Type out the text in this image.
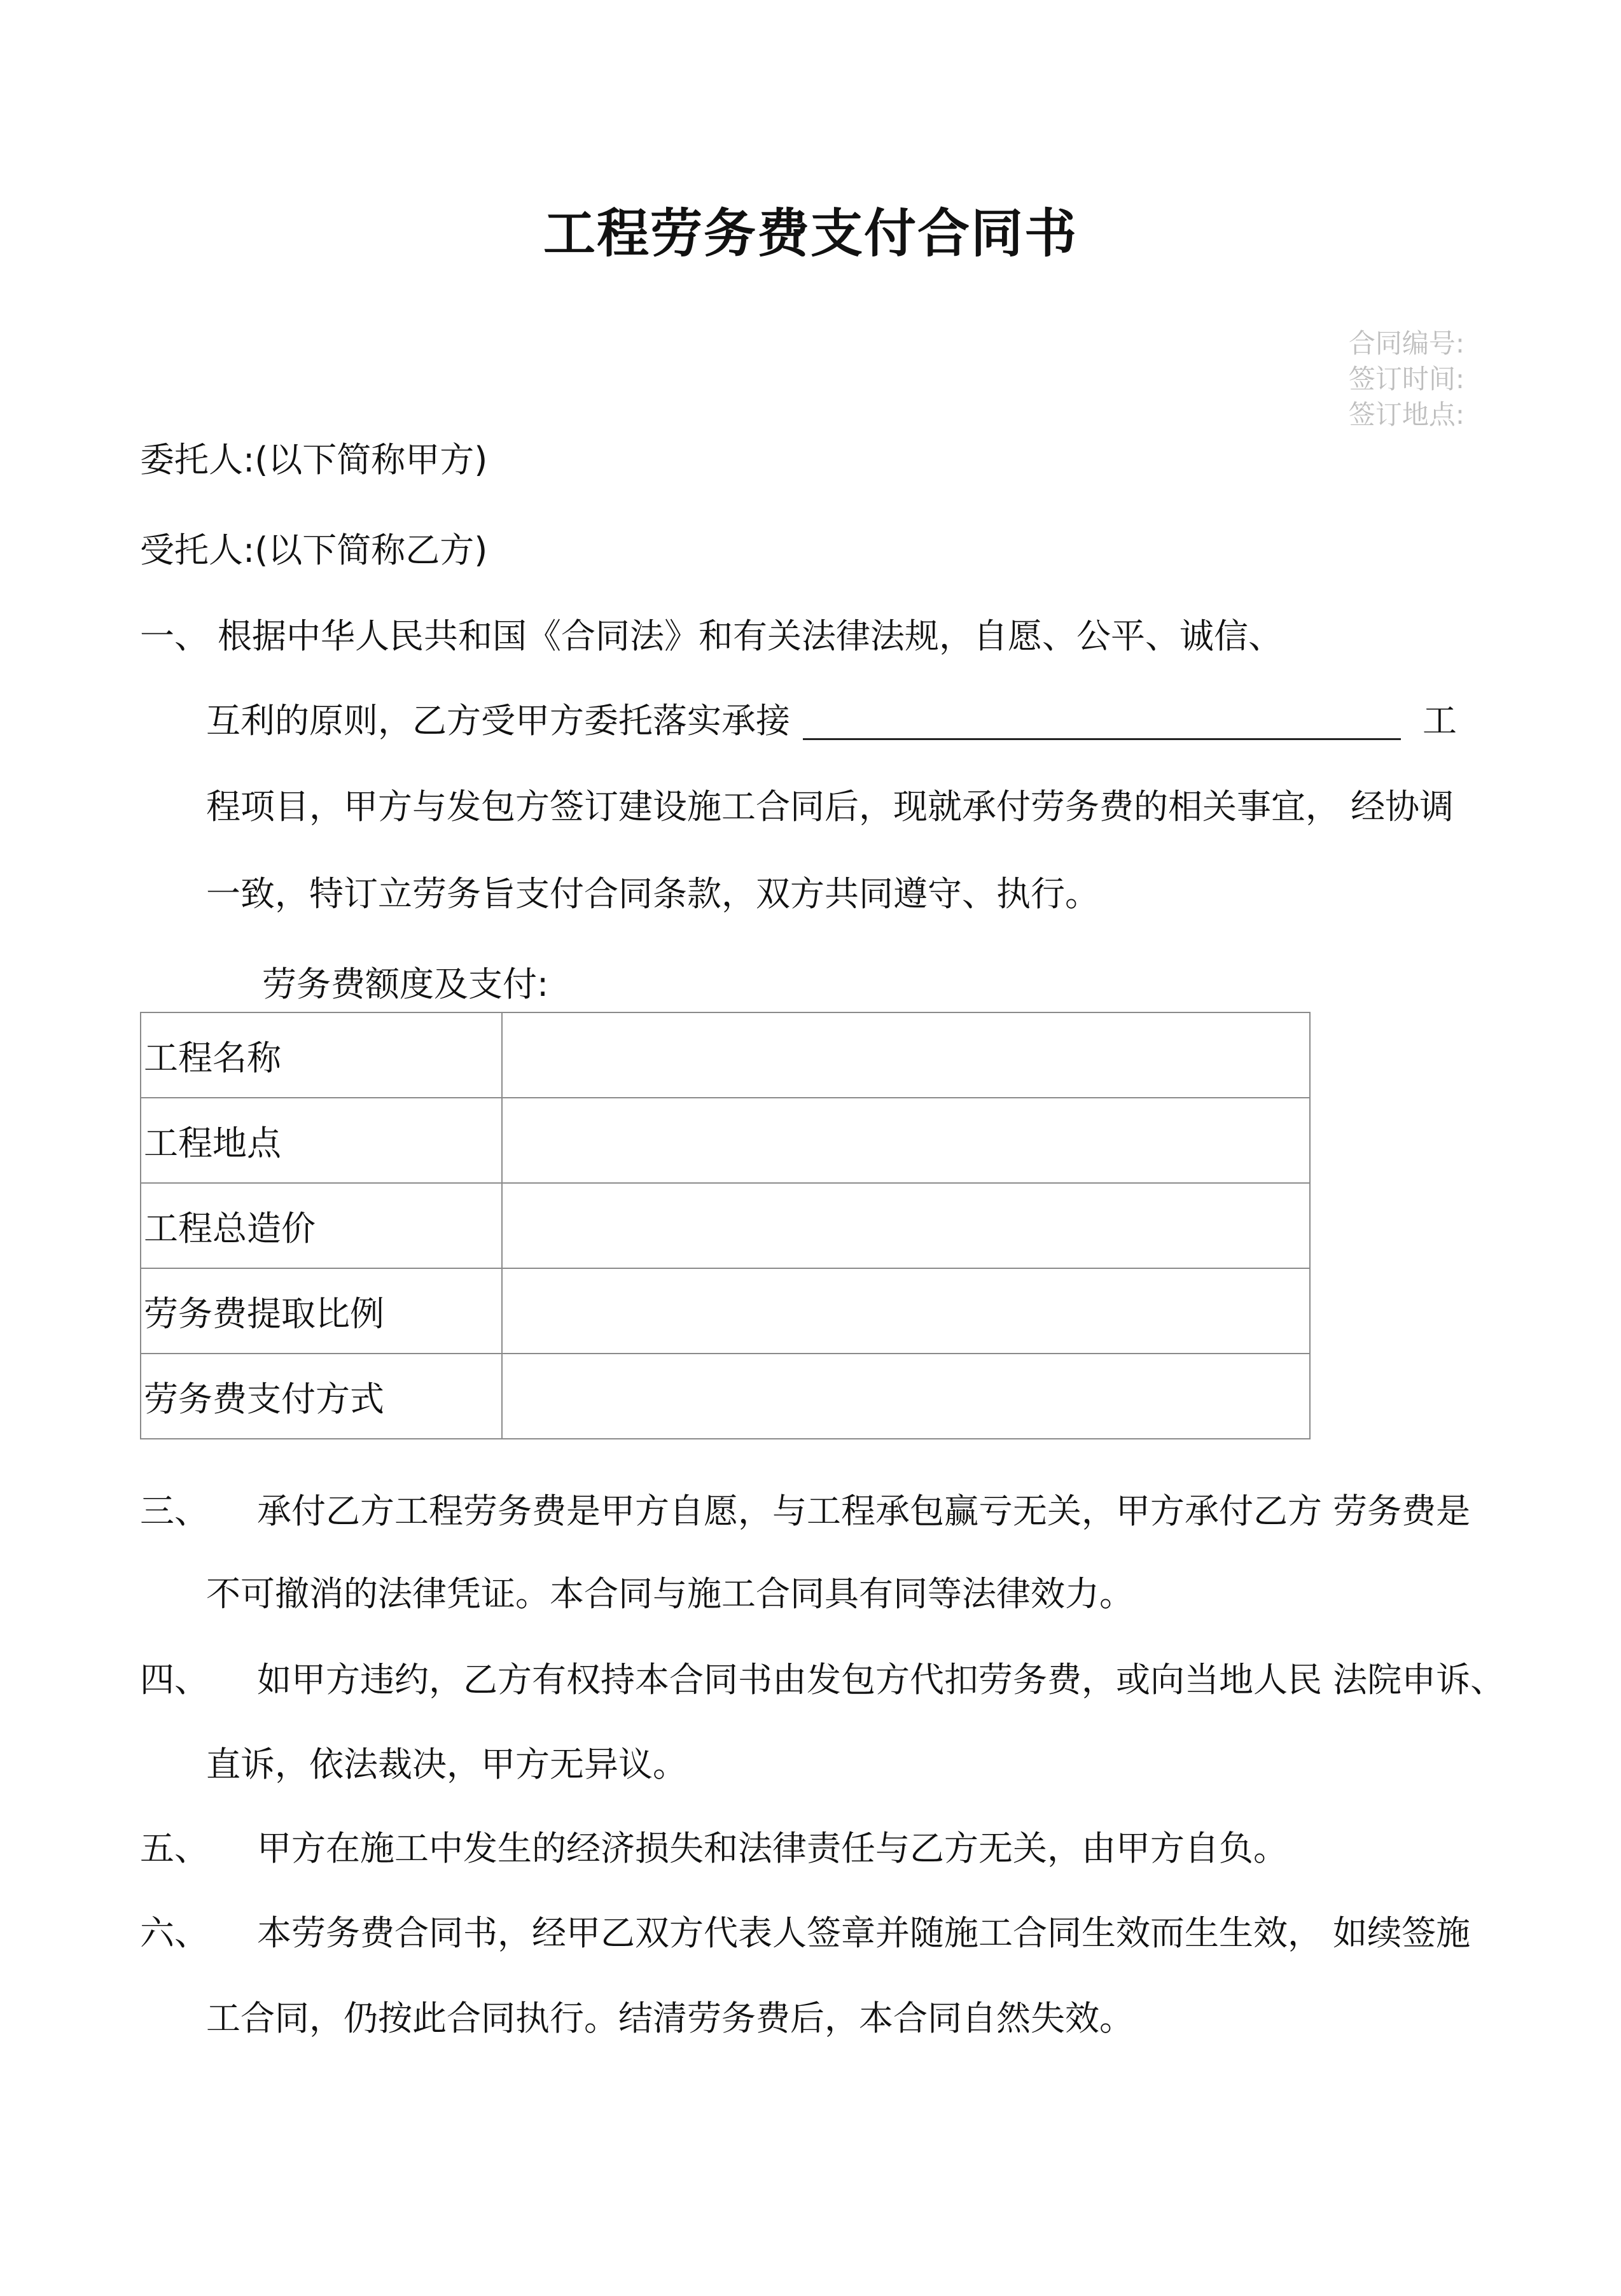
工程劳务费支付合同书
合同编号:
签订时间:
签订地点:
委托人:(以下简称甲方)
受托人:(以下简称乙方)
一、 根据中华人民共和国《合同法》和有关法律法规，自愿、公平、诚信、
互利的原则，乙方受甲方委托落实承接	工
程项目，甲方与发包方签订建设施工合同后，现就承付劳务费的相关事宜， 经协调
一致，特订立劳务旨支付合同条款，双方共同遵守、执行。
劳务费额度及支付:
工程名称	
工程地点	
工程总造价	
劳务费提取比例	
劳务费支付方式	
三、 承付乙方工程劳务费是甲方自愿，与工程承包赢亏无关，甲方承付乙方 劳务费是
不可撤消的法律凭证。本合同与施工合同具有同等法律效力。
四、 如甲方违约，乙方有权持本合同书由发包方代扣劳务费，或向当地人民 法院申诉、
直诉，依法裁决，甲方无异议。
五、 甲方在施工中发生的经济损失和法律责任与乙方无关，由甲方自负。
六、 本劳务费合同书，经甲乙双方代表人签章并随施工合同生效而生生效， 如续签施
工合同，仍按此合同执行。结清劳务费后，本合同自然失效。
